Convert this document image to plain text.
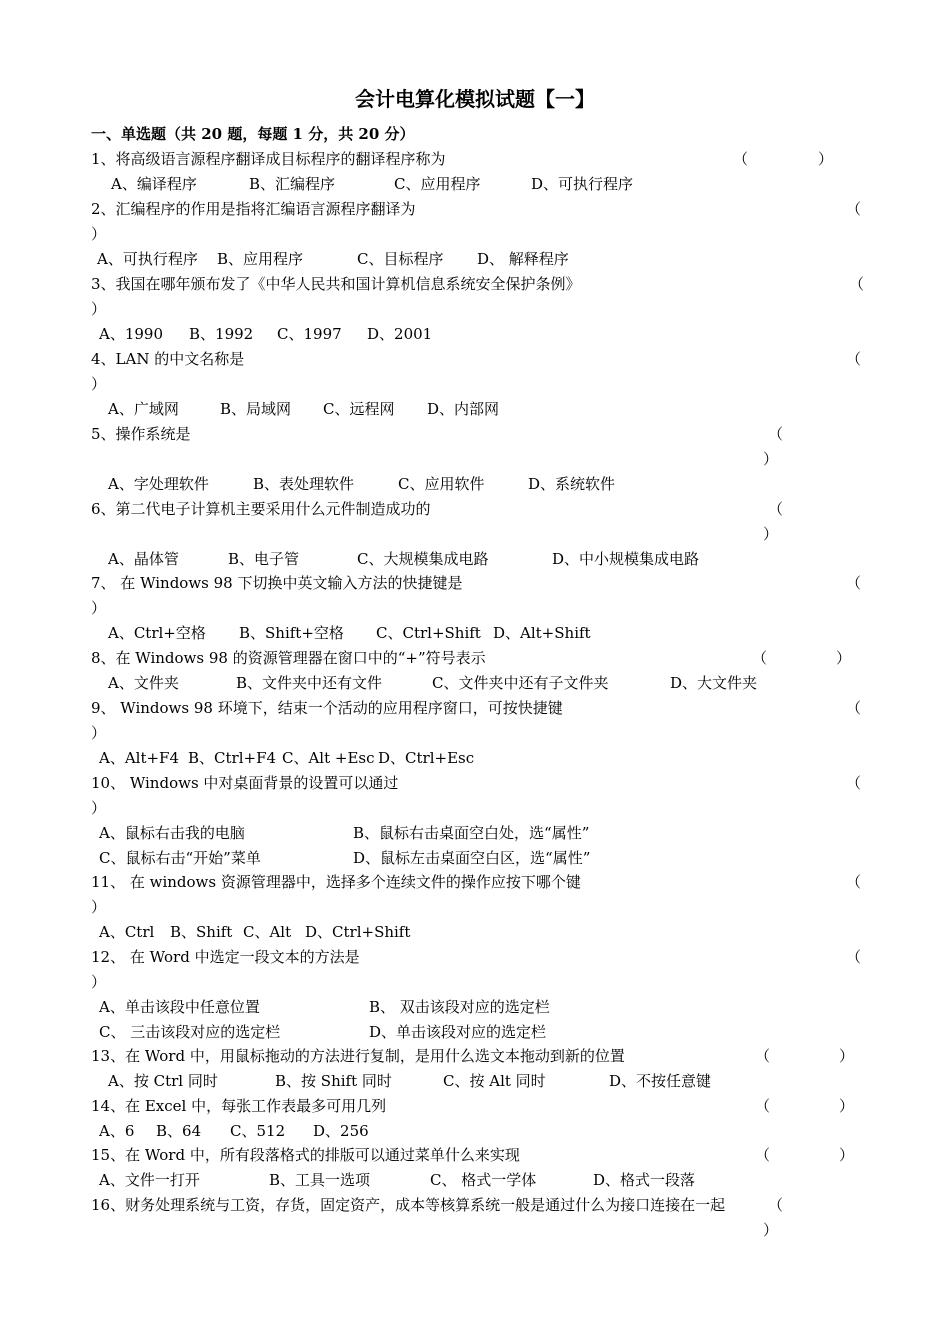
会计电算化模拟试题【一】
一、单选题（共 20 题，每题 1 分，共 20 分）
1、将高级语言源程序翻译成目标程序的翻译程序称为	（	）
A、编译程序	B、汇编程序	C、应用程序	D、可执行程序
2、汇编程序的作用是指将汇编语言源程序翻译为	（
）
A、可执行程序 B、应用程序	C、目标程序 D、 解释程序
3、我国在哪年颁布发了《中华人民共和国计算机信息系统安全保护条例》	（
）
A、1990 B、1992 C、1997 D、2001
4、LAN 的中文名称是	（
）
A、广域网	B、局域网 C、远程网 D、内部网
5、操作系统是	（
）
A、字处理软件	B、表处理软件	C、应用软件	D、系统软件
6、第二代电子计算机主要采用什么元件制造成功的	（
）
A、晶体管	B、电子管	C、大规模集成电路	D、中小规模集成电路
7、 在 Windows 98 下切换中英文输入方法的快捷键是	（
）
A、Ctrl+空格 B、Shift+空格 C、Ctrl+Shift D、Alt+Shift
8、在 Windows 98 的资源管理器在窗口中的“+”符号表示	（	）
A、文件夹	B、文件夹中还有文件	C、文件夹中还有子文件夹	D、大文件夹
9、 Windows 98 环境下，结束一个活动的应用程序窗口，可按快捷键	（
）
A、Alt+F4 B、Ctrl+F4 C、Alt +Esc D、Ctrl+Esc
10、 Windows 中对桌面背景的设置可以通过	（
）
A、鼠标右击我的电脑	B、鼠标右击桌面空白处，选“属性”
C、鼠标右击“开始”菜单	D、鼠标左击桌面空白区，选“属性”
11、 在 windows 资源管理器中，选择多个连续文件的操作应按下哪个键	（
）
A、Ctrl B、Shift C、Alt D、Ctrl+Shift
12、 在 Word 中选定一段文本的方法是	（
）
A、单击该段中任意位置	B、 双击该段对应的选定栏
C、 三击该段对应的选定栏	D、单击该段对应的选定栏
13、在 Word 中，用鼠标拖动的方法进行复制，是用什么选文本拖动到新的位置	（	）
A、按 Ctrl 同时	B、按 Shift 同时	C、按 Alt 同时	D、不按任意键
14、在 Excel 中，每张工作表最多可用几列	（	）
A、6 B、64 C、512 D、256
15、在 Word 中，所有段落格式的排版可以通过菜单什么来实现	（	）
A、文件一打开	B、工具一选项	C、 格式一学体	D、格式一段落
16、财务处理系统与工资，存货，固定资产，成本等核算系统一般是通过什么为接口连接在一起	（
）
